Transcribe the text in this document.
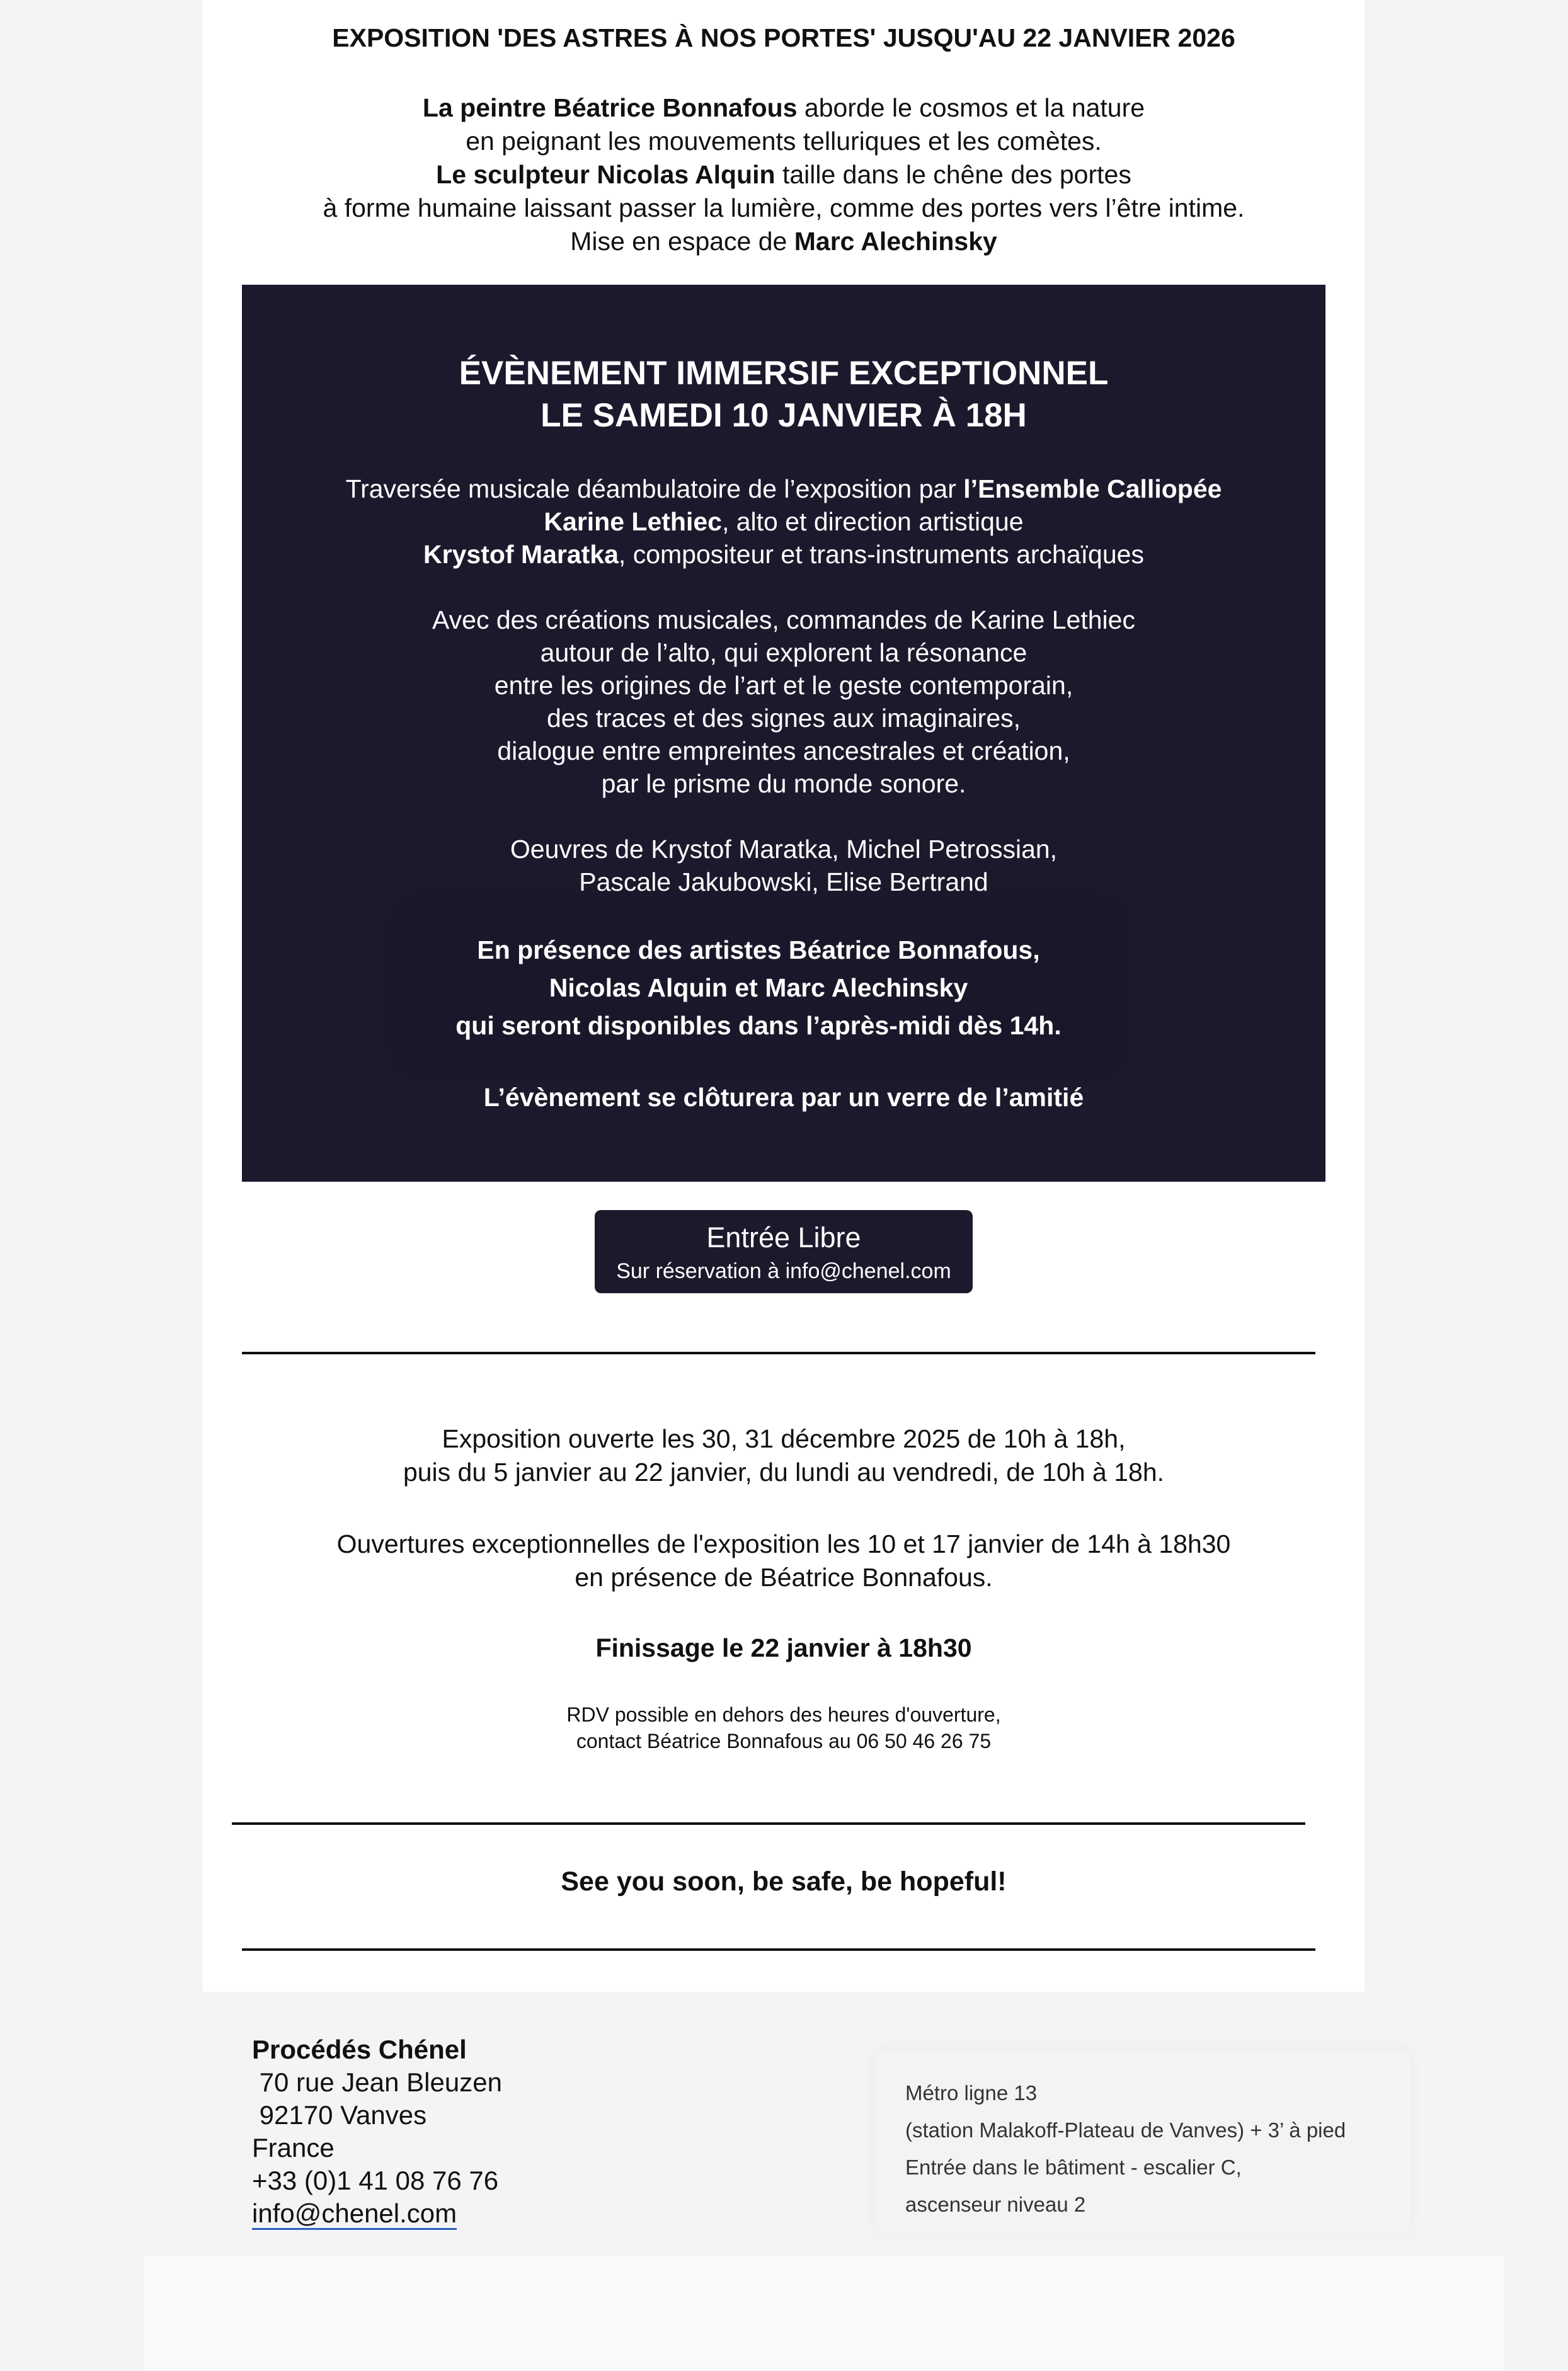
EXPOSITION 'DES ASTRES À NOS PORTES' JUSQU'AU 22 JANVIER 2026

La peintre Béatrice Bonnafous aborde le cosmos et la nature

en peignant les mouvements telluriques et les comètes.

Le sculpteur Nicolas Alquin taille dans le chêne des portes

à forme humaine laissant passer la lumière, comme des portes vers l’être intime.

Mise en espace de Marc Alechinsky

ÉVÈNEMENT IMMERSIF EXCEPTIONNEL

LE SAMEDI 10 JANVIER À 18H

Traversée musicale déambulatoire de l’exposition par l’Ensemble Calliopée

Karine Lethiec, alto et direction artistique

Krystof Maratka, compositeur et trans-instruments archaïques

Avec des créations musicales, commandes de Karine Lethiec

autour de l’alto, qui explorent la résonance

entre les origines de l’art et le geste contemporain,

des traces et des signes aux imaginaires,

dialogue entre empreintes ancestrales et création,

par le prisme du monde sonore.

Oeuvres de Krystof Maratka, Michel Petrossian,

Pascale Jakubowski, Elise Bertrand

En présence des artistes Béatrice Bonnafous,

Nicolas Alquin et Marc Alechinsky

qui seront disponibles dans l’après-midi dès 14h.

L’évènement se clôturera par un verre de l’amitié
Entrée Libre
Sur réservation à info@chenel.com

Exposition ouverte les 30, 31 décembre 2025 de 10h à 18h,

puis du 5 janvier au 22 janvier, du lundi au vendredi, de 10h à 18h.

Ouvertures exceptionnelles de l'exposition les 10 et 17 janvier de 14h à 18h30

en présence de Béatrice Bonnafous.

Finissage le 22 janvier à 18h30

RDV possible en dehors des heures d'ouverture,

contact Béatrice Bonnafous au 06 50 46 26 75

See you soon, be safe, be hopeful!

Procédés Chénel

70 rue Jean Bleuzen

92170 Vanves

France

+33 (0)1 41 08 76 76

info@chenel.com

Métro ligne 13

(station Malakoff-Plateau de Vanves) + 3’ à pied

Entrée dans le bâtiment - escalier C,

ascenseur niveau 2
